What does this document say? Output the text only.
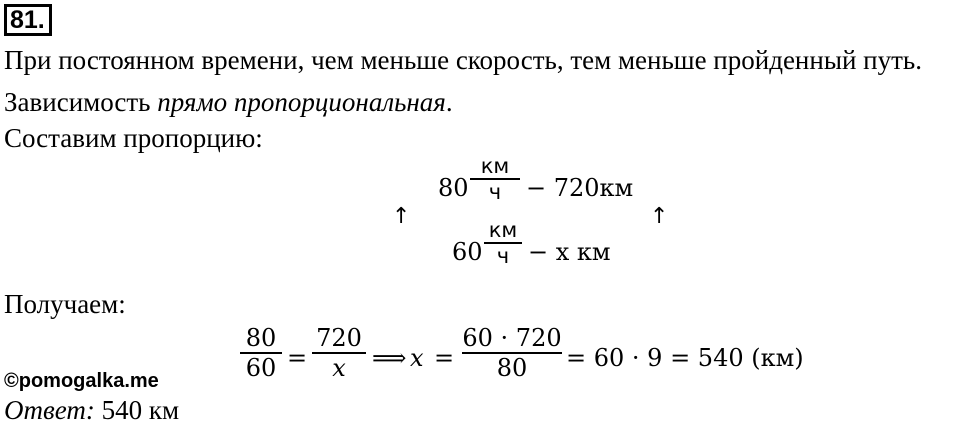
81.
При постоянном времени, чем меньше скорость, тем меньше пройденный путь.
Зависимость прямо пропорциональная.
Составим пропорцию:
↑	↑
80
км
ч	− 720км
60
км
ч − x км
Получаем:
80
60 =
720
x	⟹ x =
60 · 720
80	= 60 · 9 = 540 (км)
©pomogalka.me
Ответ: 540 км
